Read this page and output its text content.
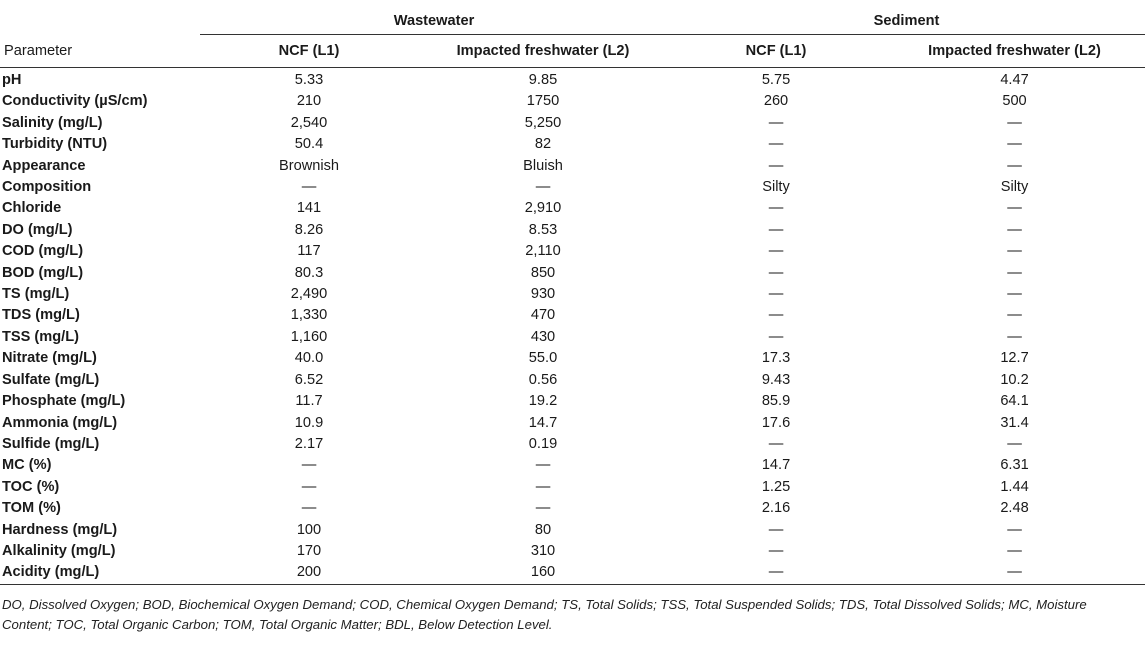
	Wastewater		Sediment	
Parameter	NCF (L1)	Impacted freshwater (L2)	NCF (L1)	Impacted freshwater (L2)
pH	5.33	9.85	5.75	4.47
Conductivity (µS/cm)	210	1750	260	500
Salinity (mg/L)	2,540	5,250	—	—
Turbidity (NTU)	50.4	82	—	—
Appearance	Brownish	Bluish	—	—
Composition	—	—	Silty	Silty
Chloride	141	2,910	—	—
DO (mg/L)	8.26	8.53	—	—
COD (mg/L)	117	2,110	—	—
BOD (mg/L)	80.3	850	—	—
TS (mg/L)	2,490	930	—	—
TDS (mg/L)	1,330	470	—	—
TSS (mg/L)	1,160	430	—	—
Nitrate (mg/L)	40.0	55.0	17.3	12.7
Sulfate (mg/L)	6.52	0.56	9.43	10.2
Phosphate (mg/L)	11.7	19.2	85.9	64.1
Ammonia (mg/L)	10.9	14.7	17.6	31.4
Sulfide (mg/L)	2.17	0.19	—	—
MC (%)	—	—	14.7	6.31
TOC (%)	—	—	1.25	1.44
TOM (%)	—	—	2.16	2.48
Hardness (mg/L)	100	80	—	—
Alkalinity (mg/L)	170	310	—	—
Acidity (mg/L)	200	160	—	—
DO, Dissolved Oxygen; BOD, Biochemical Oxygen Demand; COD, Chemical Oxygen Demand; TS, Total Solids; TSS, Total Suspended Solids; TDS, Total Dissolved Solids; MC, Moisture Content; TOC, Total Organic Carbon; TOM, Total Organic Matter; BDL, Below Detection Level.
